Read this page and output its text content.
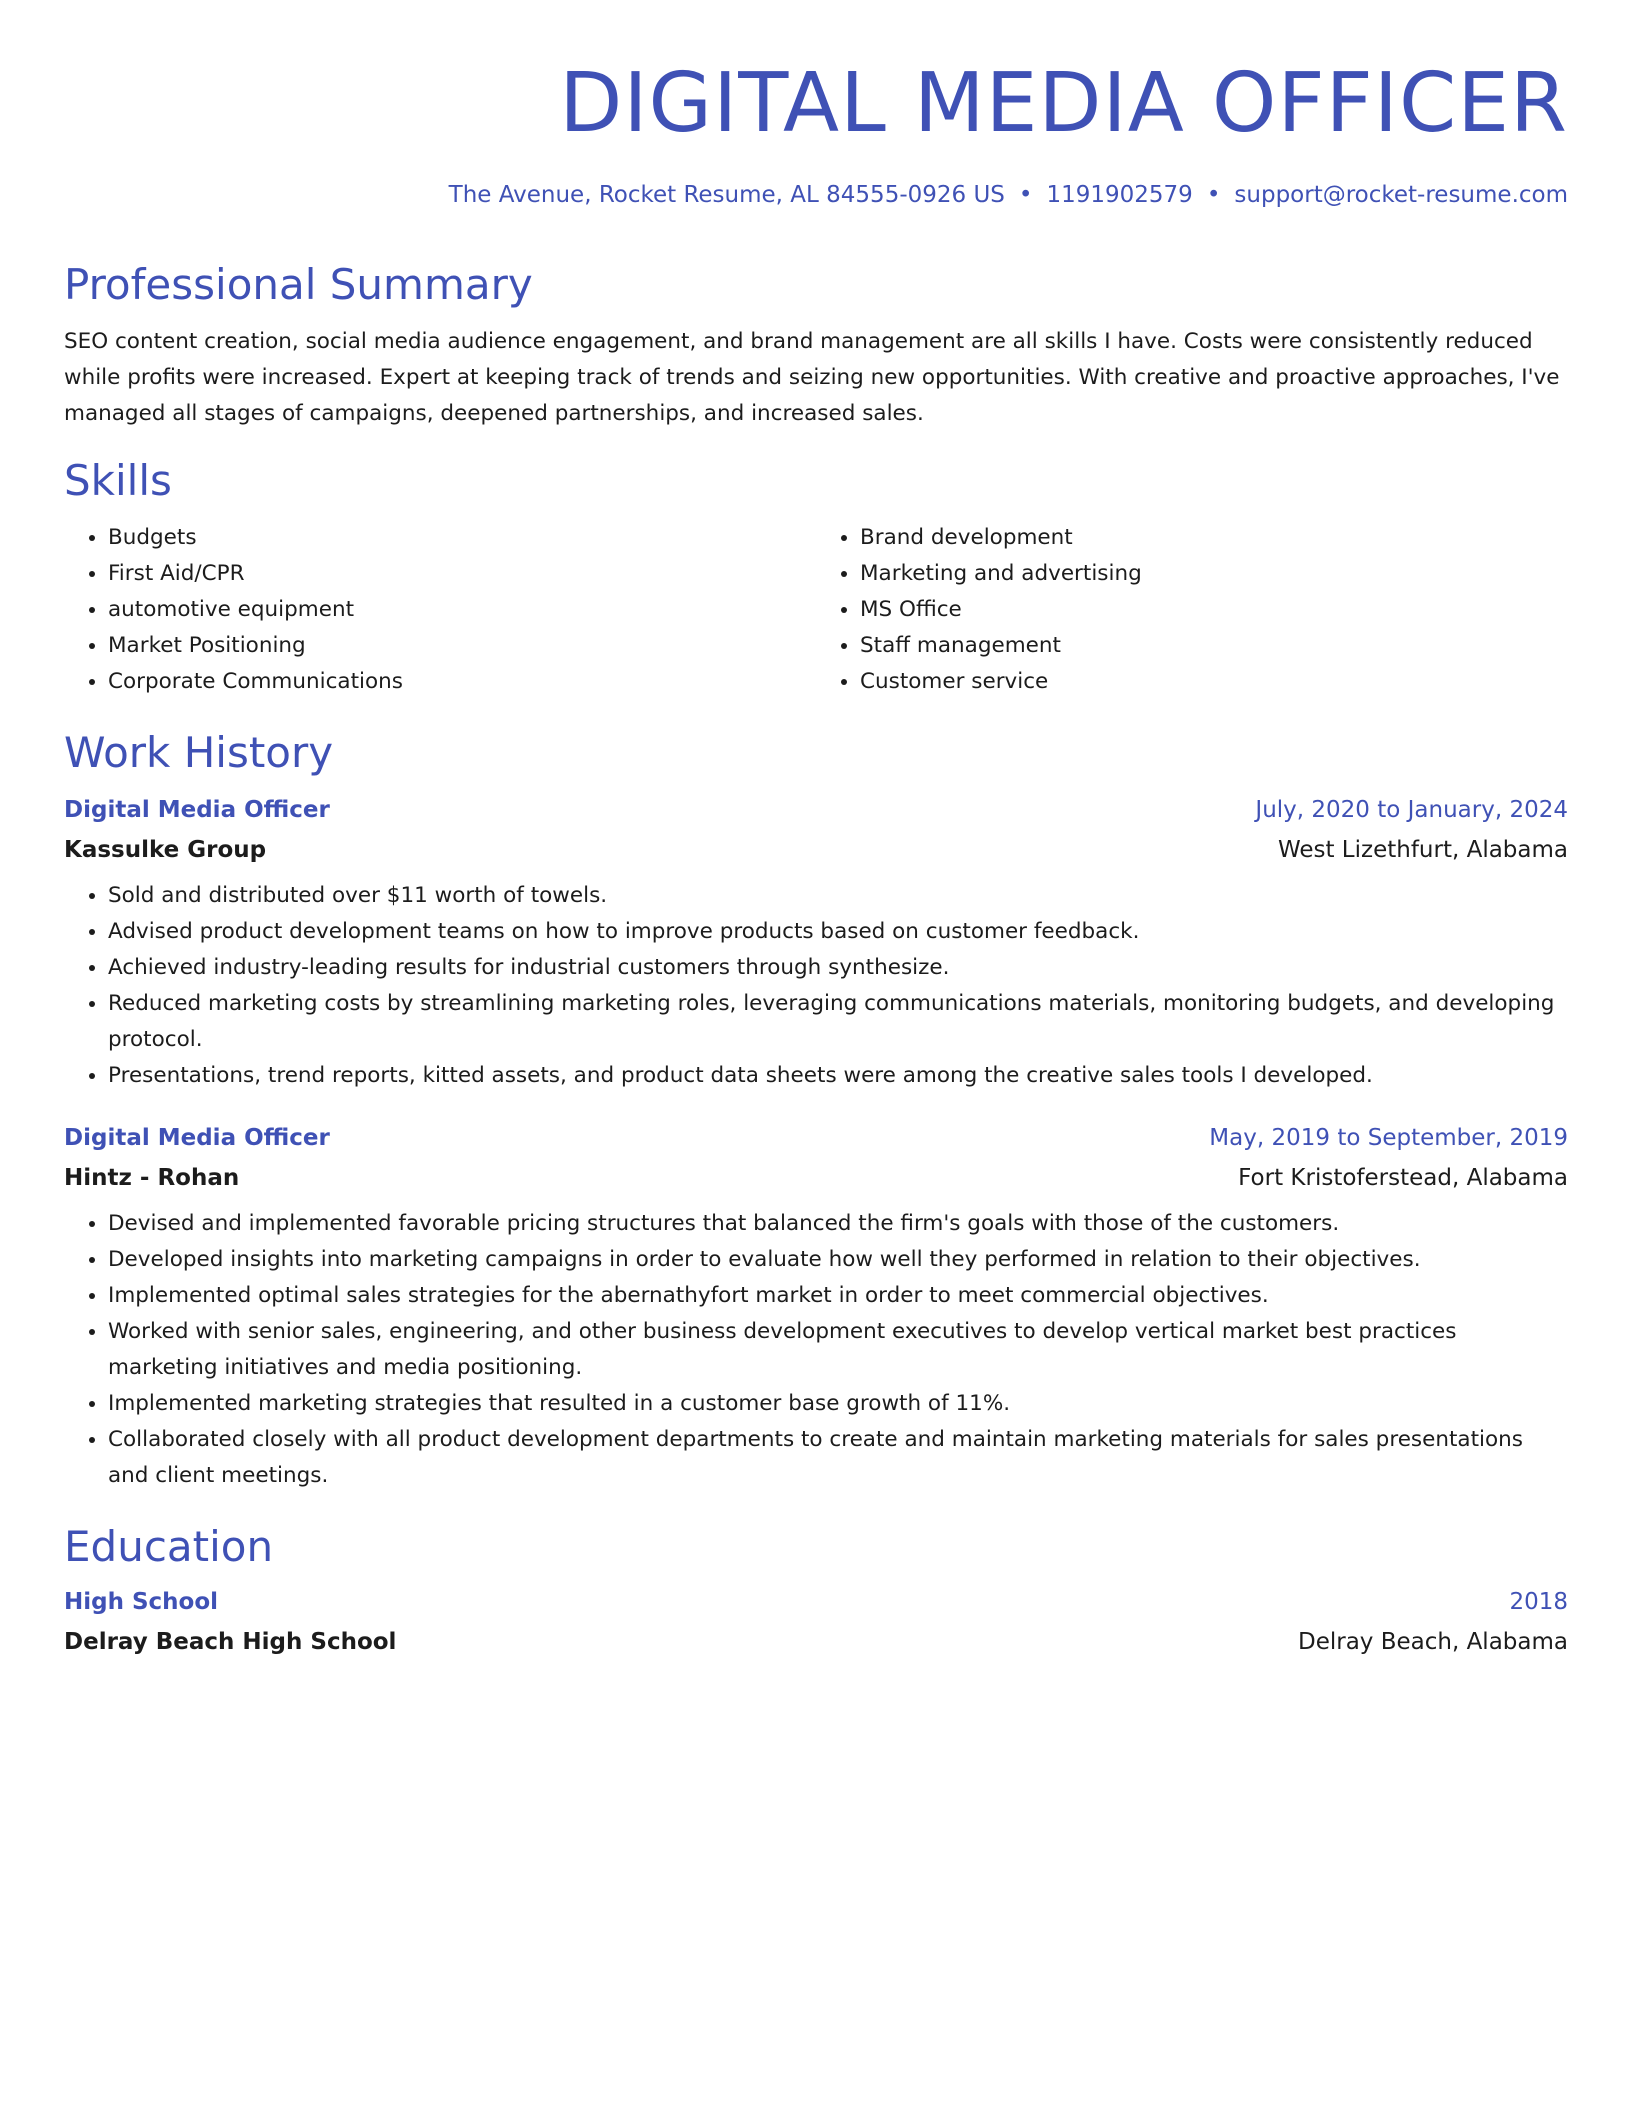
DIGITAL MEDIA OFFICER
The Avenue, Rocket Resume, AL 84555-0926 US • 1191902579 • support@rocket-resume.com
Professional Summary
SEO content creation, social media audience engagement, and brand management are all skills I have. Costs were consistently reduced while profits were increased. Expert at keeping track of trends and seizing new opportunities. With creative and proactive approaches, I've managed all stages of campaigns, deepened partnerships, and increased sales.
Skills
• Budgets
• First Aid/CPR
• automotive equipment
• Market Positioning
• Corporate Communications
• Brand development
• Marketing and advertising
• MS Office
• Staff management
• Customer service
Work History
Digital Media Officer	July, 2020 to January, 2024
Kassulke Group	West Lizethfurt, Alabama
• Sold and distributed over $11 worth of towels.
• Advised product development teams on how to improve products based on customer feedback.
• Achieved industry-leading results for industrial customers through synthesize.
• Reduced marketing costs by streamlining marketing roles, leveraging communications materials, monitoring budgets, and developing protocol.
• Presentations, trend reports, kitted assets, and product data sheets were among the creative sales tools I developed.
Digital Media Officer	May, 2019 to September, 2019
Hintz - Rohan	Fort Kristoferstead, Alabama
• Devised and implemented favorable pricing structures that balanced the firm's goals with those of the customers.
• Developed insights into marketing campaigns in order to evaluate how well they performed in relation to their objectives.
• Implemented optimal sales strategies for the abernathyfort market in order to meet commercial objectives.
• Worked with senior sales, engineering, and other business development executives to develop vertical market best practices marketing initiatives and media positioning.
• Implemented marketing strategies that resulted in a customer base growth of 11%.
• Collaborated closely with all product development departments to create and maintain marketing materials for sales presentations and client meetings.
Education
High School	2018
Delray Beach High School	Delray Beach, Alabama
